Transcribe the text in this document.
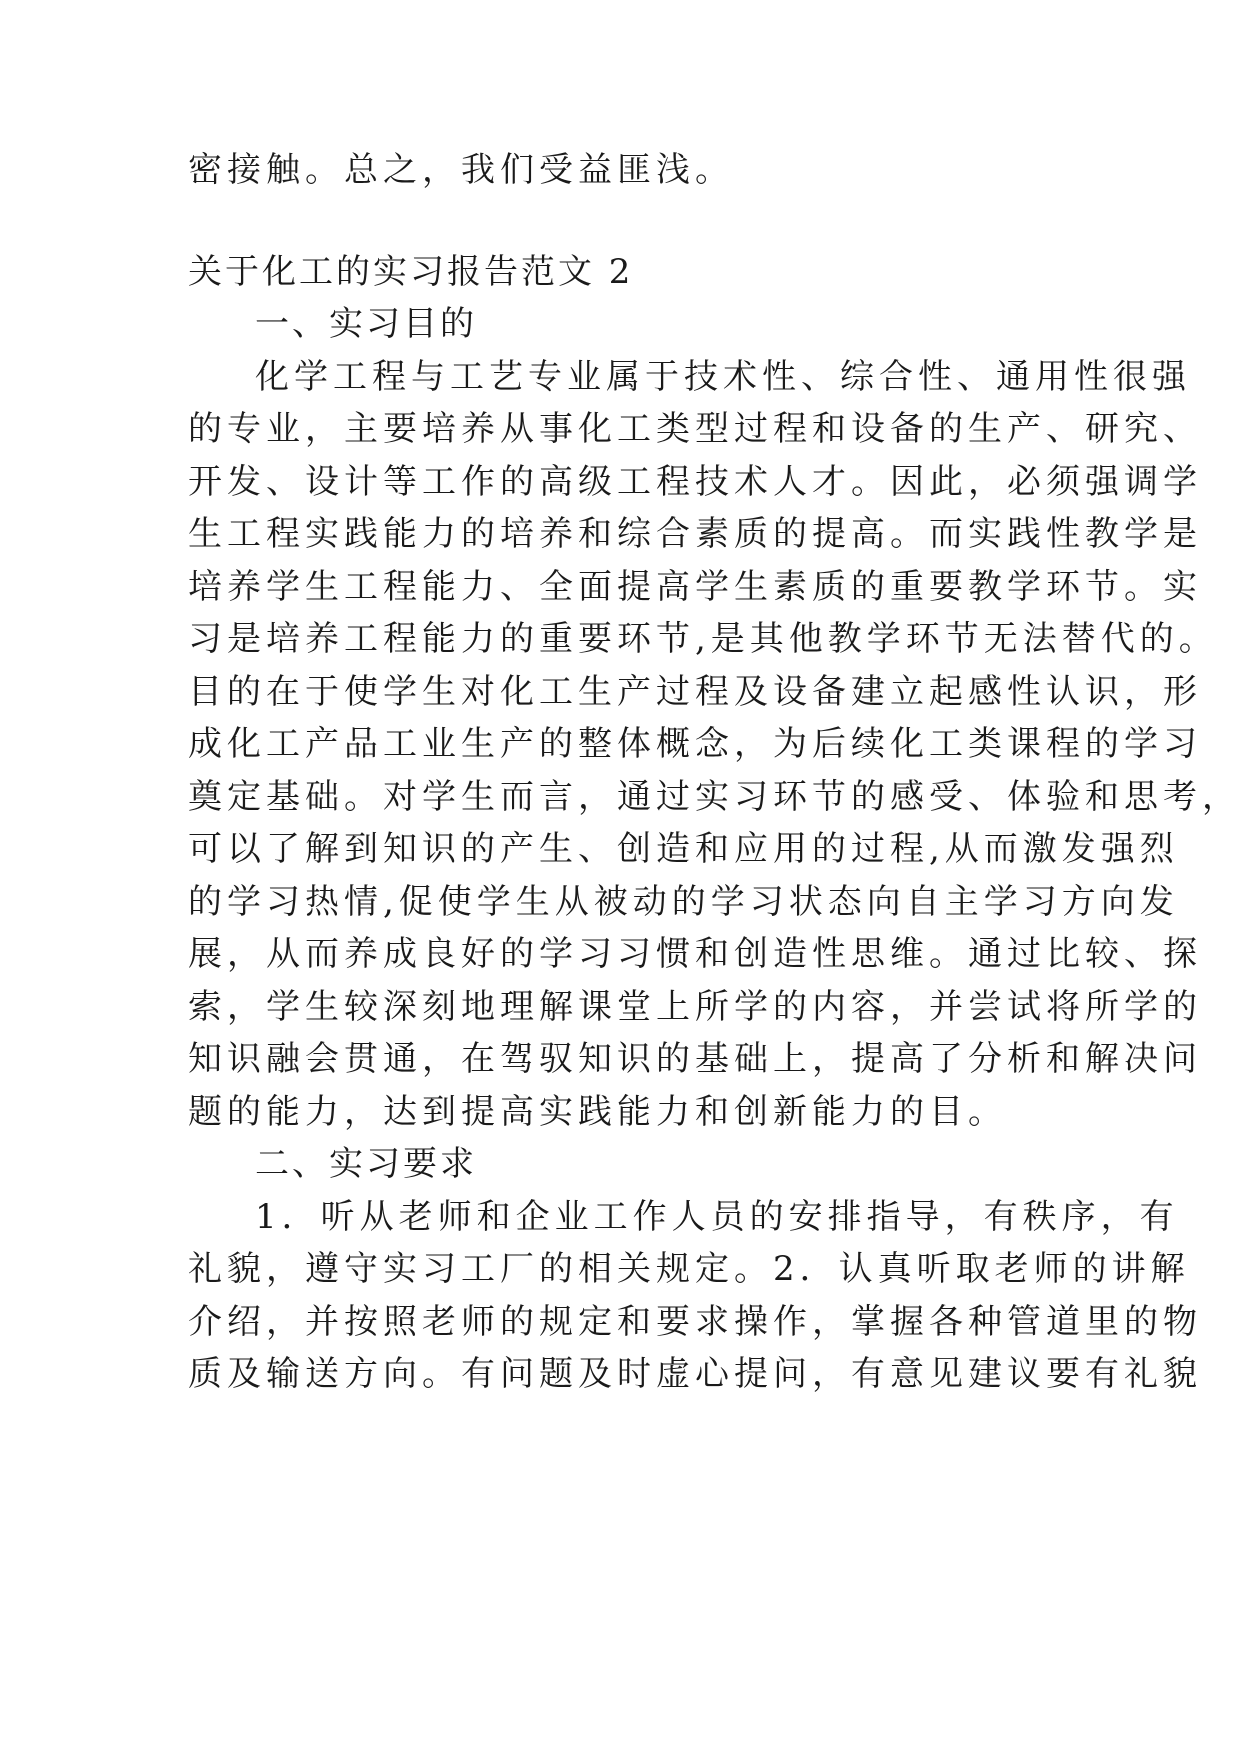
密接触。总之，我们受益匪浅。
关于化工的实习报告范文 2
一、实习目的
化学工程与工艺专业属于技术性、综合性、通用性很强
的专业，主要培养从事化工类型过程和设备的生产、研究、
开发、设计等工作的高级工程技术人才。因此，必须强调学
生工程实践能力的培养和综合素质的提高。而实践性教学是
培养学生工程能力、全面提高学生素质的重要教学环节。实
习是培养工程能力的重要环节,是其他教学环节无法替代的。
目的在于使学生对化工生产过程及设备建立起感性认识，形
成化工产品工业生产的整体概念，为后续化工类课程的学习
奠定基础。对学生而言，通过实习环节的感受、体验和思考，
可以了解到知识的产生、创造和应用的过程,从而激发强烈
的学习热情,促使学生从被动的学习状态向自主学习方向发
展，从而养成良好的学习习惯和创造性思维。通过比较、探
索，学生较深刻地理解课堂上所学的内容，并尝试将所学的
知识融会贯通，在驾驭知识的基础上，提高了分析和解决问
题的能力，达到提高实践能力和创新能力的目。
二、实习要求
1．听从老师和企业工作人员的安排指导，有秩序，有
礼貌，遵守实习工厂的相关规定。2．认真听取老师的讲解
介绍，并按照老师的规定和要求操作，掌握各种管道里的物
质及输送方向。有问题及时虚心提问，有意见建议要有礼貌
